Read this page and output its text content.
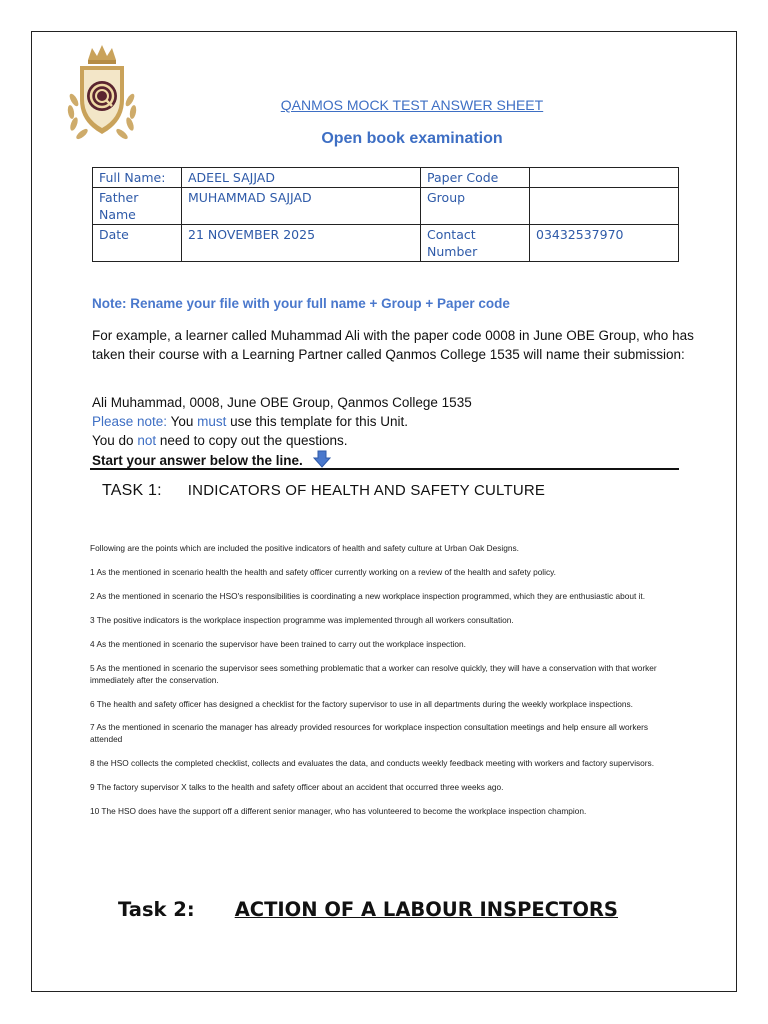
QANMOS MOCK TEST ANSWER SHEET
Open book examination
Full Name:	ADEEL SAJJAD	Paper Code	
Father Name	MUHAMMAD SAJJAD	Group	
Date	21 NOVEMBER 2025	Contact Number	03432537970
Note: Rename your file with your full name + Group + Paper code
For example, a learner called Muhammad Ali with the paper code 0008 in June OBE Group, who has taken their course with a Learning Partner called Qanmos College 1535 will name their submission:
Ali Muhammad, 0008, June OBE Group, Qanmos College 1535
Please note: You must use this template for this Unit.
You do not need to copy out the questions.
Start your answer below the line.
TASK 1: INDICATORS OF HEALTH AND SAFETY CULTURE

Following are the points which are included the positive indicators of health and safety culture at Urban Oak Designs.

1 As the mentioned in scenario health the health and safety officer currently working on a review of the health and safety policy.

2 As the mentioned in scenario the HSO's responsibilities is coordinating a new workplace inspection programmed, which they are enthusiastic about it.

3 The positive indicators is the workplace inspection programme was implemented through all workers consultation.

4 As the mentioned in scenario the supervisor have been trained to carry out the workplace inspection.

5 As the mentioned in scenario the supervisor sees something problematic that a worker can resolve quickly, they will have a conservation with that worker immediately after the conservation.

6 The health and safety officer has designed a checklist for the factory supervisor to use in all departments during the weekly workplace inspections.

7 As the mentioned in scenario the manager has already provided resources for workplace inspection consultation meetings and help ensure all workers attended

8 the HSO collects the completed checklist, collects and evaluates the data, and conducts weekly feedback meeting with workers and factory supervisors.

9 The factory supervisor X talks to the health and safety officer about an accident that occurred three weeks ago.

10 The HSO does have the support off a different senior manager, who has volunteered to become the workplace inspection champion.

Task 2: ACTION OF A LABOUR INSPECTORS
